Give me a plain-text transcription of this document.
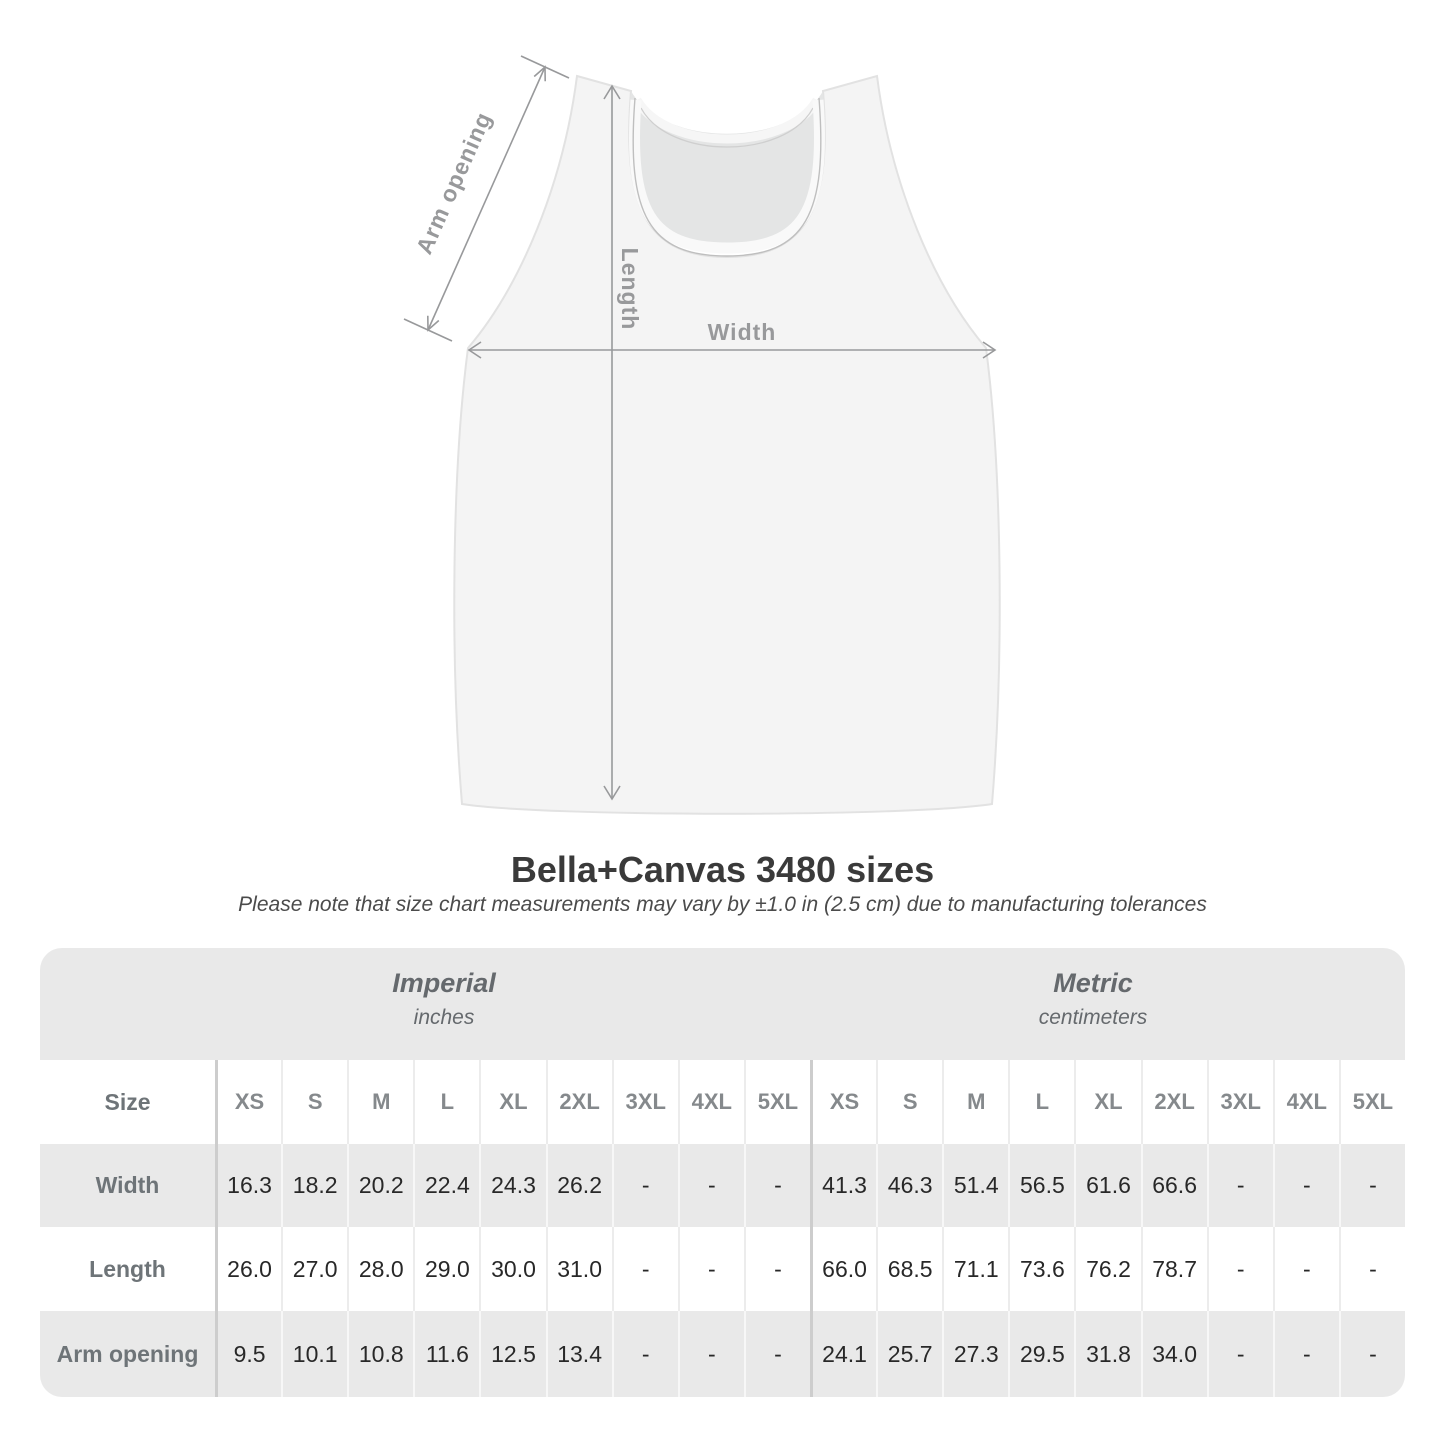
Arm opening
Length
Width
Bella+Canvas 3480 sizes

Please note that size chart measurements may vary by ±1.0 in (2.5 cm) due to manufacturing tolerances

Imperial
inches
Metric
centimeters
Size	XS	S	M	L	XL	2XL	3XL	4XL	5XL	XS	S	M	L	XL	2XL	3XL	4XL	5XL
Width	16.3 18.2 20.2 22.4 24.3 26.2	-	-	-	41.3 46.3 51.4 56.5 61.6 66.6	-	-	-
Length	26.0 27.0 28.0 29.0 30.0 31.0	-	-	-	66.0 68.5 71.1 73.6 76.2 78.7	-	-	-
Arm opening	9.5	10.1 10.8 11.6 12.5 13.4	-	-	-	24.1 25.7 27.3 29.5 31.8 34.0	-	-	-
